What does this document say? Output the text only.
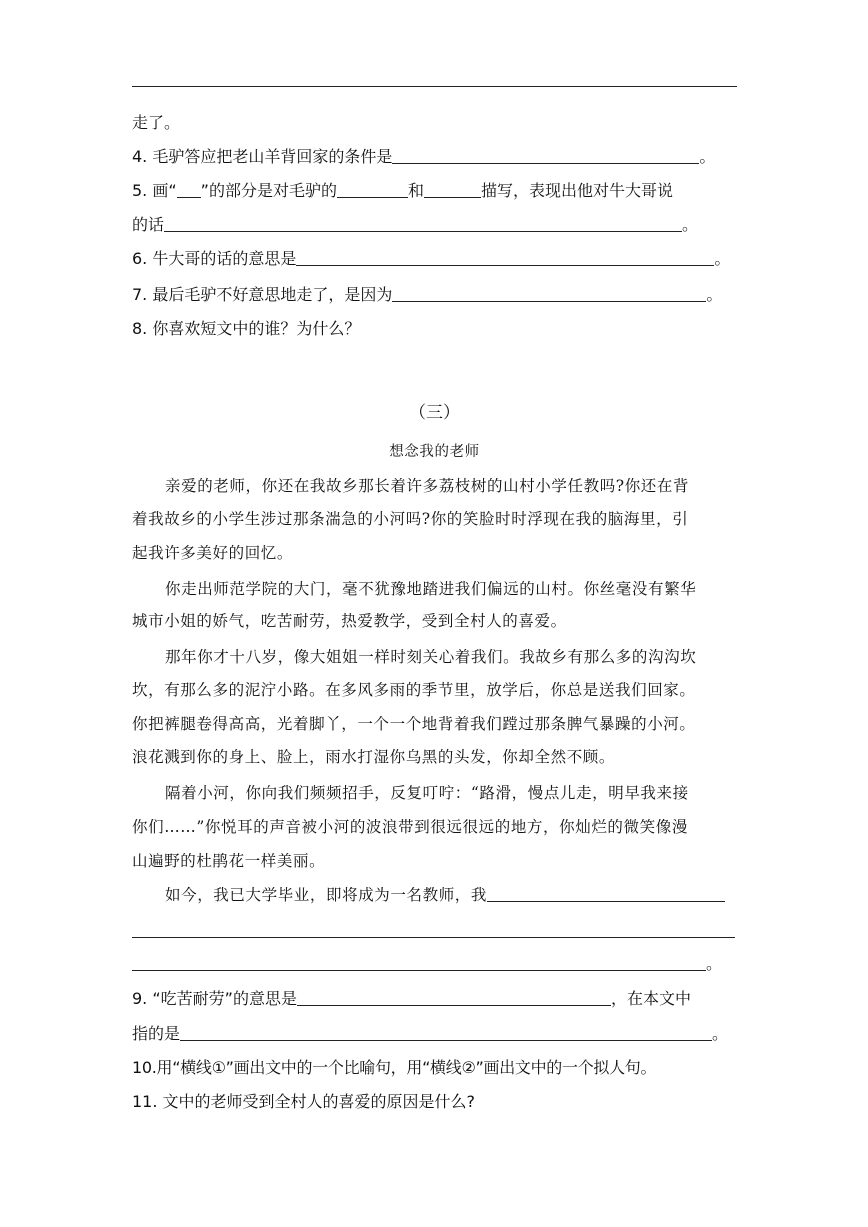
走了。
4. 毛驴答应把老山羊背回家的条件是	。
5. 画“ ”的部分是对毛驴的	和	描写，表现出他对牛大哥说
的话	。
6. 牛大哥的话的意思是	。
7. 最后毛驴不好意思地走了，是因为	。
8. 你喜欢短文中的谁？为什么？
（三）
想念我的老师
亲爱的老师，你还在我故乡那长着许多荔枝树的山村小学任教吗?你还在背
着我故乡的小学生涉过那条湍急的小河吗?你的笑脸时时浮现在我的脑海里，引
起我许多美好的回忆。
你走出师范学院的大门，毫不犹豫地踏进我们偏远的山村。你丝毫没有繁华
城市小姐的娇气，吃苦耐劳，热爱教学，受到全村人的喜爱。
那年你才十八岁，像大姐姐一样时刻关心着我们。我故乡有那么多的沟沟坎
坎，有那么多的泥泞小路。在多风多雨的季节里，放学后，你总是送我们回家。
你把裤腿卷得高高，光着脚丫，一个一个地背着我们蹚过那条脾气暴躁的小河。
浪花溅到你的身上、脸上，雨水打湿你乌黑的头发，你却全然不顾。
隔着小河，你向我们频频招手，反复叮咛：“路滑，慢点儿走，明早我来接
你们……”你悦耳的声音被小河的波浪带到很远很远的地方，你灿烂的微笑像漫
山遍野的杜鹃花一样美丽。
如今，我已大学毕业，即将成为一名教师，我
。
9. “吃苦耐劳”的意思是	，在本文中
指的是	。
10.用“横线①”画出文中的一个比喻句，用“横线②”画出文中的一个拟人句。
11. 文中的老师受到全村人的喜爱的原因是什么?
